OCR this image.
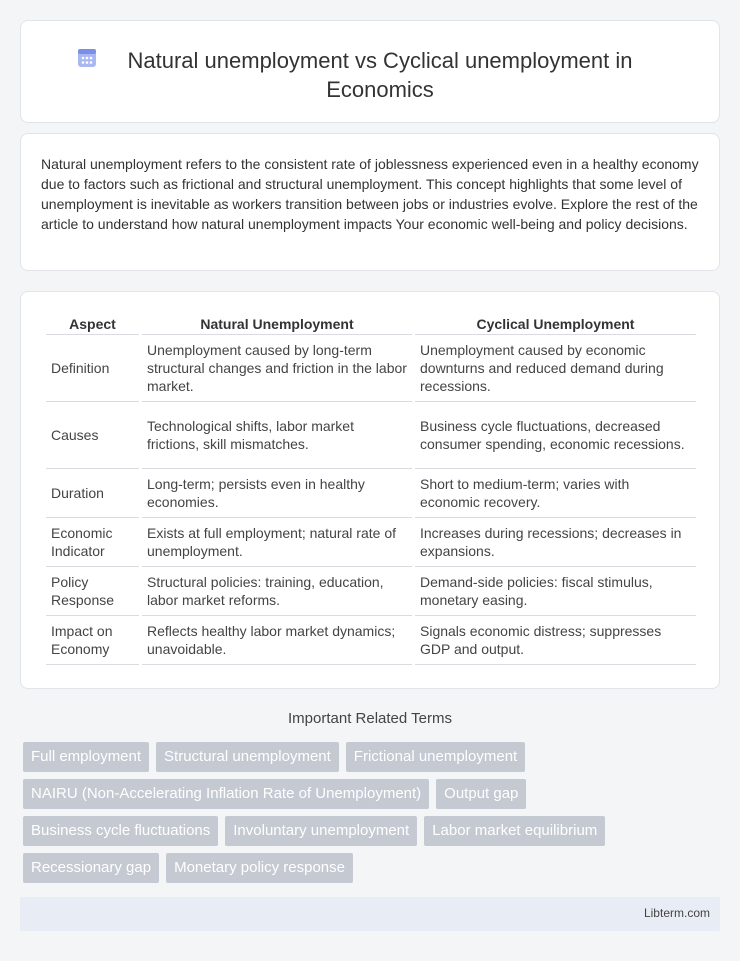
Natural unemployment vs Cyclical unemployment in Economics

Natural unemployment refers to the consistent rate of joblessness experienced even in a healthy economy due to factors such as frictional and structural unemployment. This concept highlights that some level of unemployment is inevitable as workers transition between jobs or industries evolve. Explore the rest of the article to understand how natural unemployment impacts Your economic well-being and policy decisions.

Aspect	Natural Unemployment	Cyclical Unemployment
Definition	Unemployment caused by long-term structural changes and friction in the labor market.	Unemployment caused by economic downturns and reduced demand during recessions.
Causes	Technological shifts, labor market frictions, skill mismatches.	Business cycle fluctuations, decreased consumer spending, economic recessions.
Duration	Long-term; persists even in healthy economies.	Short to medium-term; varies with economic recovery.
Economic Indicator	Exists at full employment; natural rate of unemployment.	Increases during recessions; decreases in expansions.
Policy Response	Structural policies: training, education, labor market reforms.	Demand-side policies: fiscal stimulus, monetary easing.
Impact on Economy	Reflects healthy labor market dynamics; unavoidable.	Signals economic distress; suppresses GDP and output.
Important Related Terms
Full employment	Structural unemployment	Frictional unemployment
NAIRU (Non-Accelerating Inflation Rate of Unemployment)	Output gap
Business cycle fluctuations	Involuntary unemployment	Labor market equilibrium
Recessionary gap	Monetary policy response
Libterm.com
